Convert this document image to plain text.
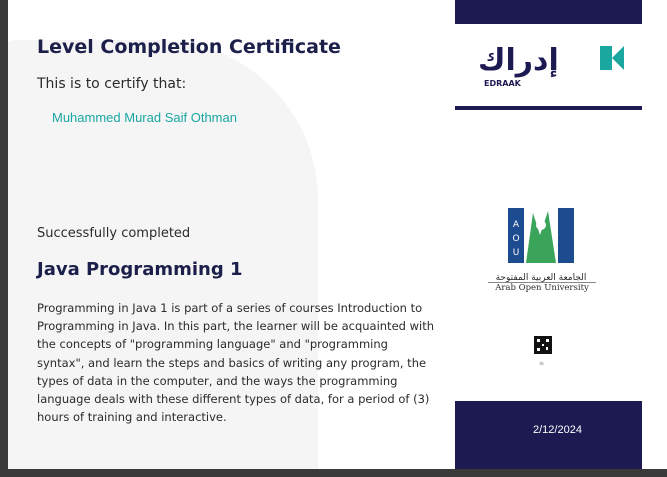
Level Completion Certificate
This is to certify that:
Muhammed Murad Saif Othman
Successfully completed
Java Programming 1

Programming in Java 1 is part of a series of courses Introduction to Programming in Java. In this part, the learner will be acquainted with the concepts of "programming language" and "programming syntax", and learn the steps and basics of writing any program, the types of data in the computer, and the ways the programming language deals with these different types of data, for a period of (3) hours of training and interactive.

إدراك
EDRAAK
A
O
U
الجامعة العربية المفتوحة
Arab Open University
≡
2/12/2024
